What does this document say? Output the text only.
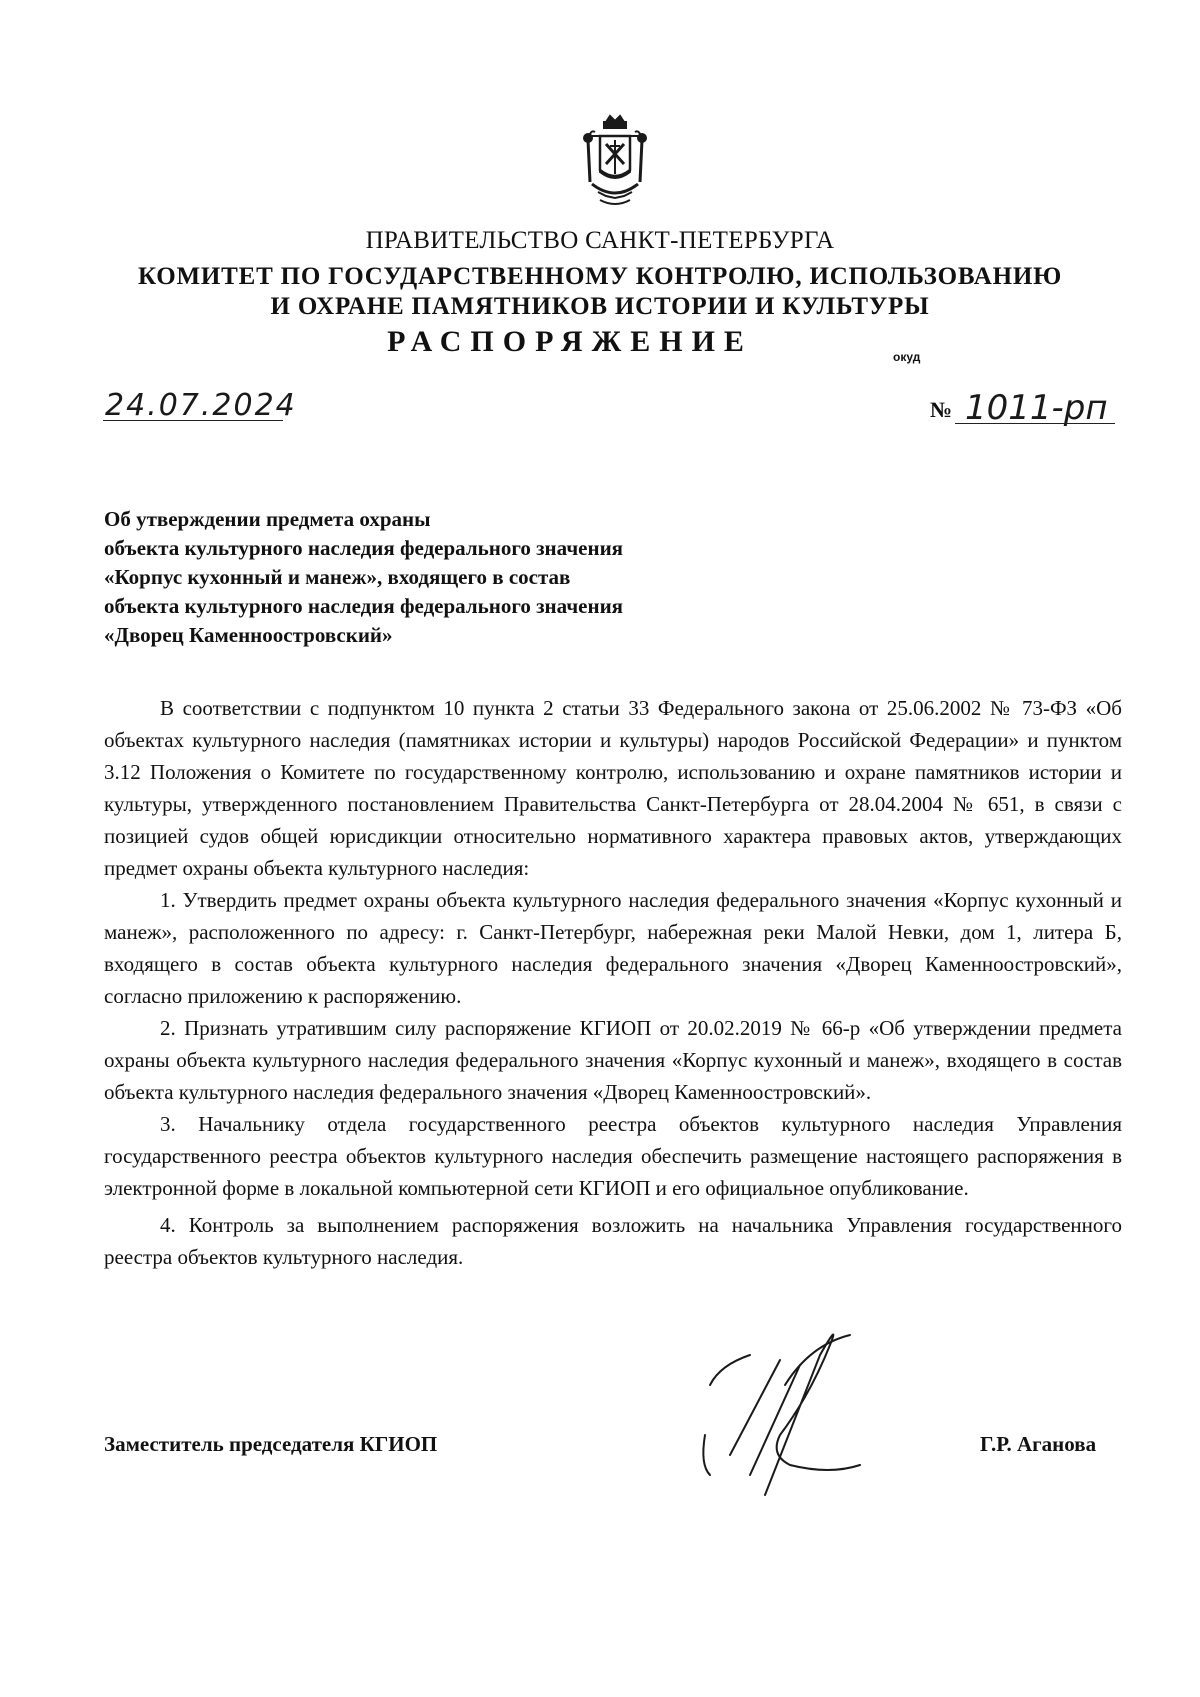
ПРАВИТЕЛЬСТВО САНКТ-ПЕТЕРБУРГА
КОМИТЕТ ПО ГОСУДАРСТВЕННОМУ КОНТРОЛЮ, ИСПОЛЬЗОВАНИЮ
И ОХРАНЕ ПАМЯТНИКОВ ИСТОРИИ И КУЛЬТУРЫ
РАСПОРЯЖЕНИЕ	окуд
24.07.2024	№ 1011-рп
Об утверждении предмета охраны
объекта культурного наследия федерального значения
«Корпус кухонный и манеж», входящего в состав
объекта культурного наследия федерального значения
«Дворец Каменноостровский»

В соответствии с подпунктом 10 пункта 2 статьи 33 Федерального закона от 25.06.2002 № 73-ФЗ «Об объектах культурного наследия (памятниках истории и культуры) народов Российской Федерации» и пунктом 3.12 Положения о Комитете по государственному контролю, использованию и охране памятников истории и культуры, утвержденного постановлением Правительства Санкт-Петербурга от 28.04.2004 № 651, в связи с позицией судов общей юрисдикции относительно нормативного характера правовых актов, утверждающих предмет охраны объекта культурного наследия:

1. Утвердить предмет охраны объекта культурного наследия федерального значения «Корпус кухонный и манеж», расположенного по адресу: г. Санкт-Петербург, набережная реки Малой Невки, дом 1, литера Б, входящего в состав объекта культурного наследия федерального значения «Дворец Каменноостровский», согласно приложению к распоряжению.

2. Признать утратившим силу распоряжение КГИОП от 20.02.2019 № 66-р «Об утверждении предмета охраны объекта культурного наследия федерального значения «Корпус кухонный и манеж», входящего в состав объекта культурного наследия федерального значения «Дворец Каменноостровский».

3. Начальнику отдела государственного реестра объектов культурного наследия Управления государственного реестра объектов культурного наследия обеспечить размещение настоящего распоряжения в электронной форме в локальной компьютерной сети КГИОП и его официальное опубликование.

4. Контроль за выполнением распоряжения возложить на начальника Управления государственного реестра объектов культурного наследия.

Заместитель председателя КГИОП	Г.Р. Аганова
